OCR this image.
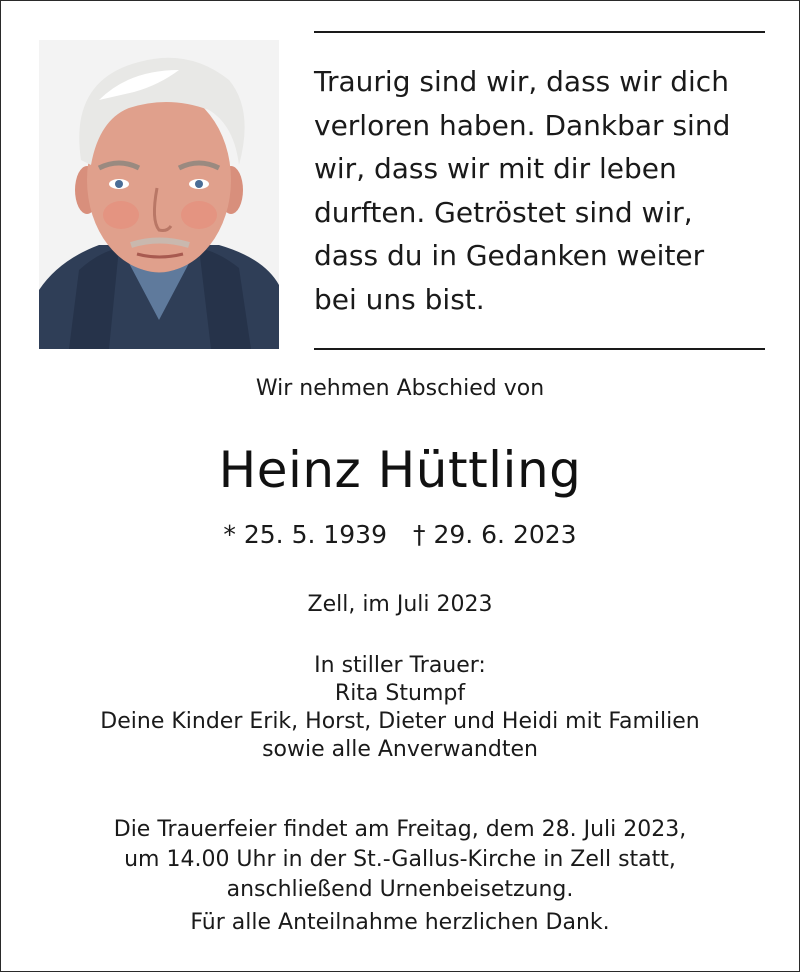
Traurig sind wir, dass wir dich
verloren haben. Dankbar sind
wir, dass wir mit dir leben
durften. Getröstet sind wir,
dass du in Gedanken weiter
bei uns bist.
Wir nehmen Abschied von
Heinz Hüttling
* 25. 5. 1939 † 29. 6. 2023
Zell, im Juli 2023
In stiller Trauer:
Rita Stumpf
Deine Kinder Erik, Horst, Dieter und Heidi mit Familien
sowie alle Anverwandten
Die Trauerfeier findet am Freitag, dem 28. Juli 2023,
um 14.00 Uhr in der St.-Gallus-Kirche in Zell statt,
anschließend Urnenbeisetzung.
Für alle Anteilnahme herzlichen Dank.
